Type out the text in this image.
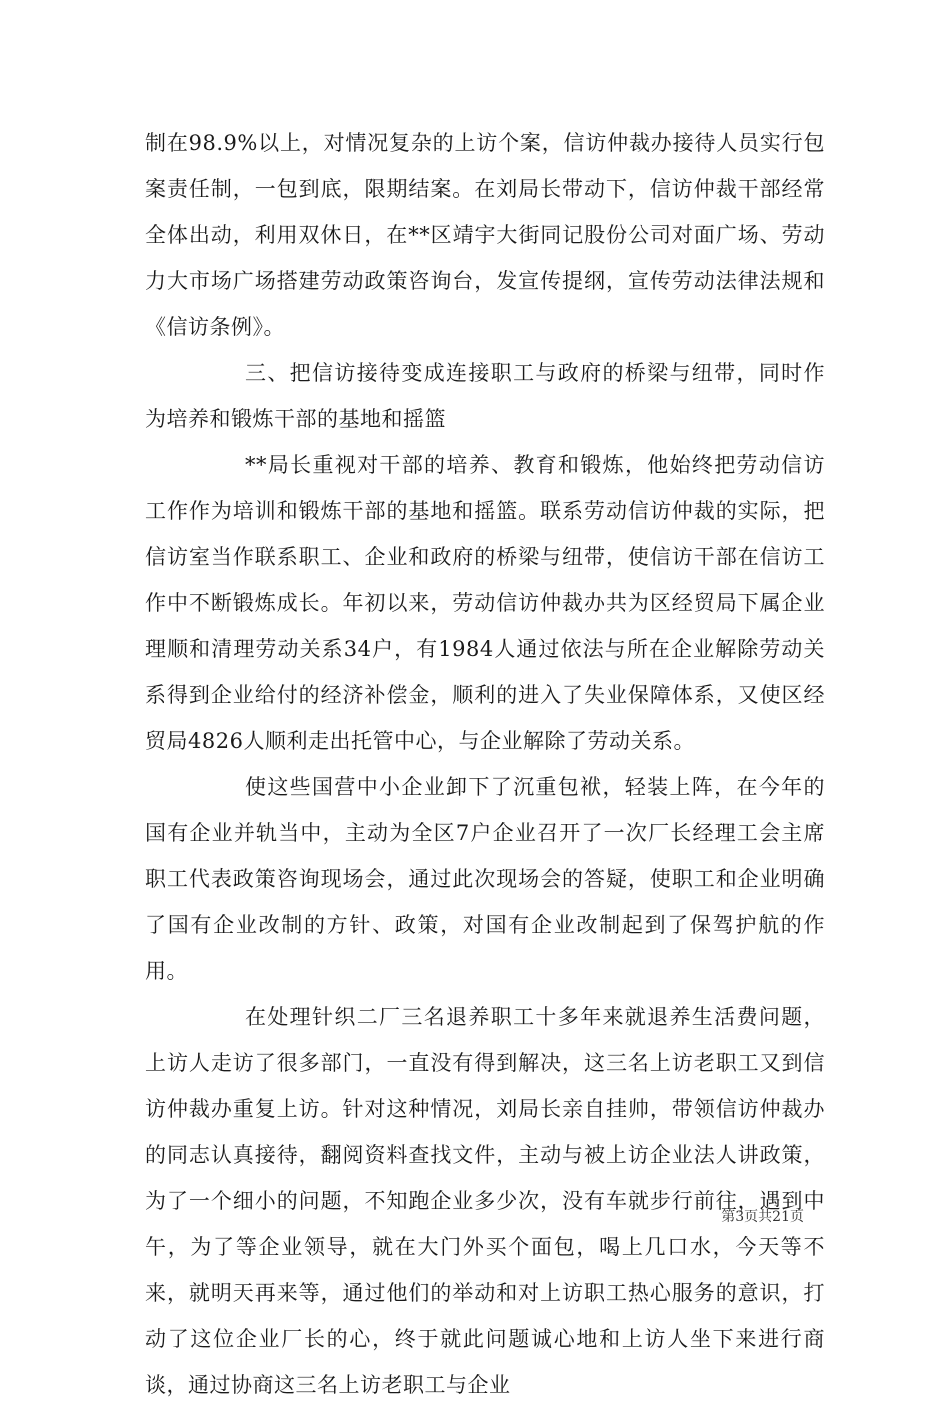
制在98.9%以上，对情况复杂的上访个案，信访仲裁办接待人员实行包案责任制，一包到底，限期结案。在刘局长带动下，信访仲裁干部经常全体出动，利用双休日，在**区靖宇大街同记股份公司对面广场、劳动力大市场广场搭建劳动政策咨询台，发宣传提纲，宣传劳动法律法规和《信访条例》。

三、把信访接待变成连接职工与政府的桥梁与纽带，同时作为培养和锻炼干部的基地和摇篮

**局长重视对干部的培养、教育和锻炼，他始终把劳动信访工作作为培训和锻炼干部的基地和摇篮。联系劳动信访仲裁的实际，把信访室当作联系职工、企业和政府的桥梁与纽带，使信访干部在信访工作中不断锻炼成长。年初以来，劳动信访仲裁办共为区经贸局下属企业理顺和清理劳动关系34户，有1984人通过依法与所在企业解除劳动关系得到企业给付的经济补偿金，顺利的进入了失业保障体系，又使区经贸局4826人顺利走出托管中心，与企业解除了劳动关系。

使这些国营中小企业卸下了沉重包袱，轻装上阵，在今年的国有企业并轨当中，主动为全区7户企业召开了一次厂长经理工会主席职工代表政策咨询现场会，通过此次现场会的答疑，使职工和企业明确了国有企业改制的方针、政策，对国有企业改制起到了保驾护航的作用。

在处理针织二厂三名退养职工十多年来就退养生活费问题，上访人走访了很多部门，一直没有得到解决，这三名上访老职工又到信访仲裁办重复上访。针对这种情况，刘局长亲自挂帅，带领信访仲裁办的同志认真接待，翻阅资料查找文件，主动与被上访企业法人讲政策，为了一个细小的问题，不知跑企业多少次，没有车就步行前往，遇到中午，为了等企业领导，就在大门外买个面包，喝上几口水，今天等不来，就明天再来等，通过他们的举动和对上访职工热心服务的意识，打动了这位企业厂长的心，终于就此问题诚心地和上访人坐下来进行商谈，通过协商这三名上访老职工与企业

第3页共21页
